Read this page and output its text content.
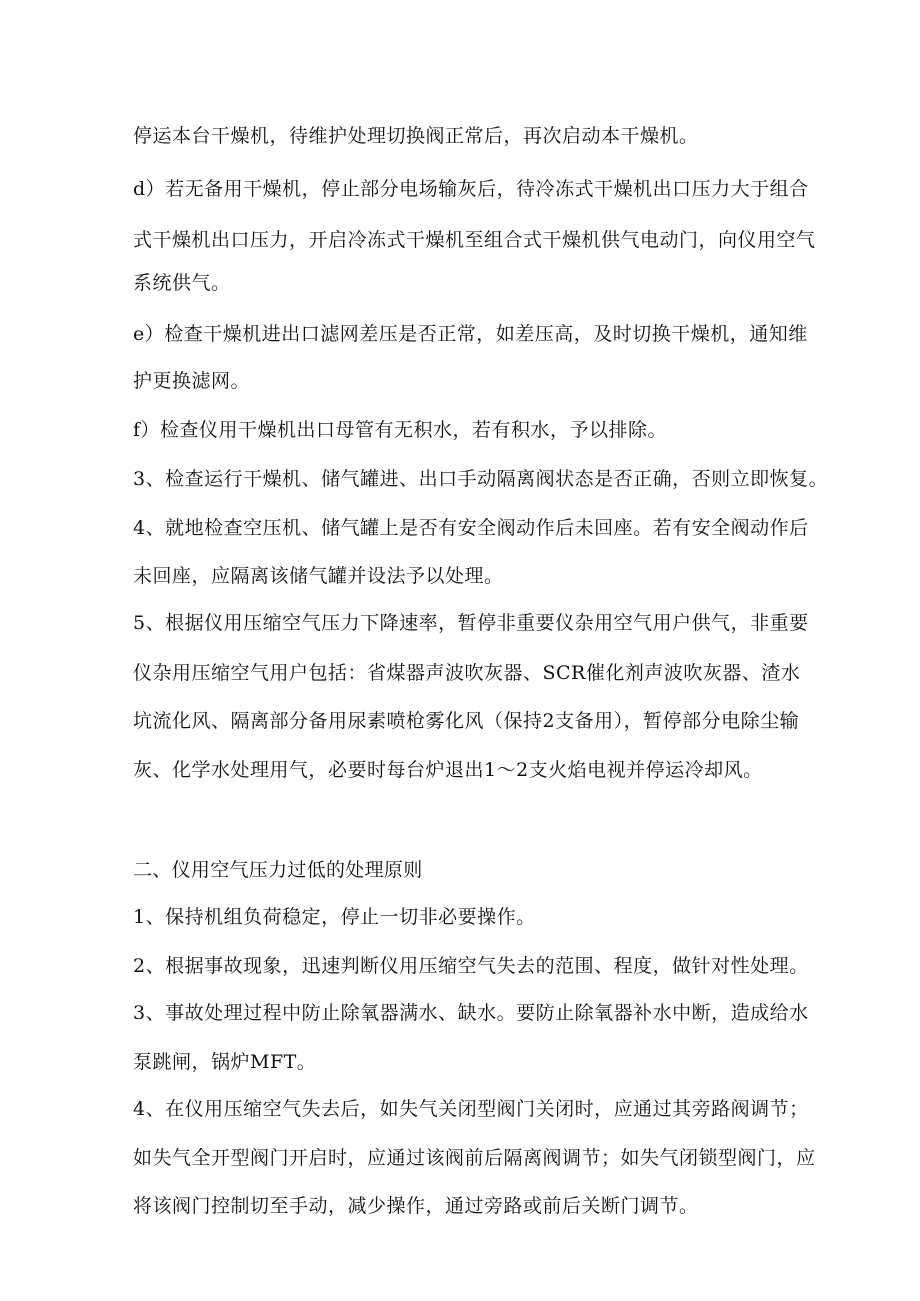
停运本台干燥机，待维护处理切换阀正常后，再次启动本干燥机。

d）若无备用干燥机，停止部分电场输灰后，待冷冻式干燥机出口压力大于组合

式干燥机出口压力，开启冷冻式干燥机至组合式干燥机供气电动门，向仪用空气

系统供气。

e）检查干燥机进出口滤网差压是否正常，如差压高，及时切换干燥机，通知维

护更换滤网。

f）检查仪用干燥机出口母管有无积水，若有积水，予以排除。

3、检查运行干燥机、储气罐进、出口手动隔离阀状态是否正确，否则立即恢复。

4、就地检查空压机、储气罐上是否有安全阀动作后未回座。若有安全阀动作后

未回座，应隔离该储气罐并设法予以处理。

5、根据仪用压缩空气压力下降速率，暂停非重要仪杂用空气用户供气，非重要

仪杂用压缩空气用户包括：省煤器声波吹灰器、SCR催化剂声波吹灰器、渣水

坑流化风、隔离部分备用尿素喷枪雾化风（保持2支备用），暂停部分电除尘输

灰、化学水处理用气，必要时每台炉退出1～2支火焰电视并停运冷却风。

二、仪用空气压力过低的处理原则

1、保持机组负荷稳定，停止一切非必要操作。

2、根据事故现象，迅速判断仪用压缩空气失去的范围、程度，做针对性处理。

3、事故处理过程中防止除氧器满水、缺水。要防止除氧器补水中断，造成给水

泵跳闸，锅炉MFT。

4、在仪用压缩空气失去后，如失气关闭型阀门关闭时，应通过其旁路阀调节；

如失气全开型阀门开启时，应通过该阀前后隔离阀调节；如失气闭锁型阀门，应

将该阀门控制切至手动，减少操作，通过旁路或前后关断门调节。
